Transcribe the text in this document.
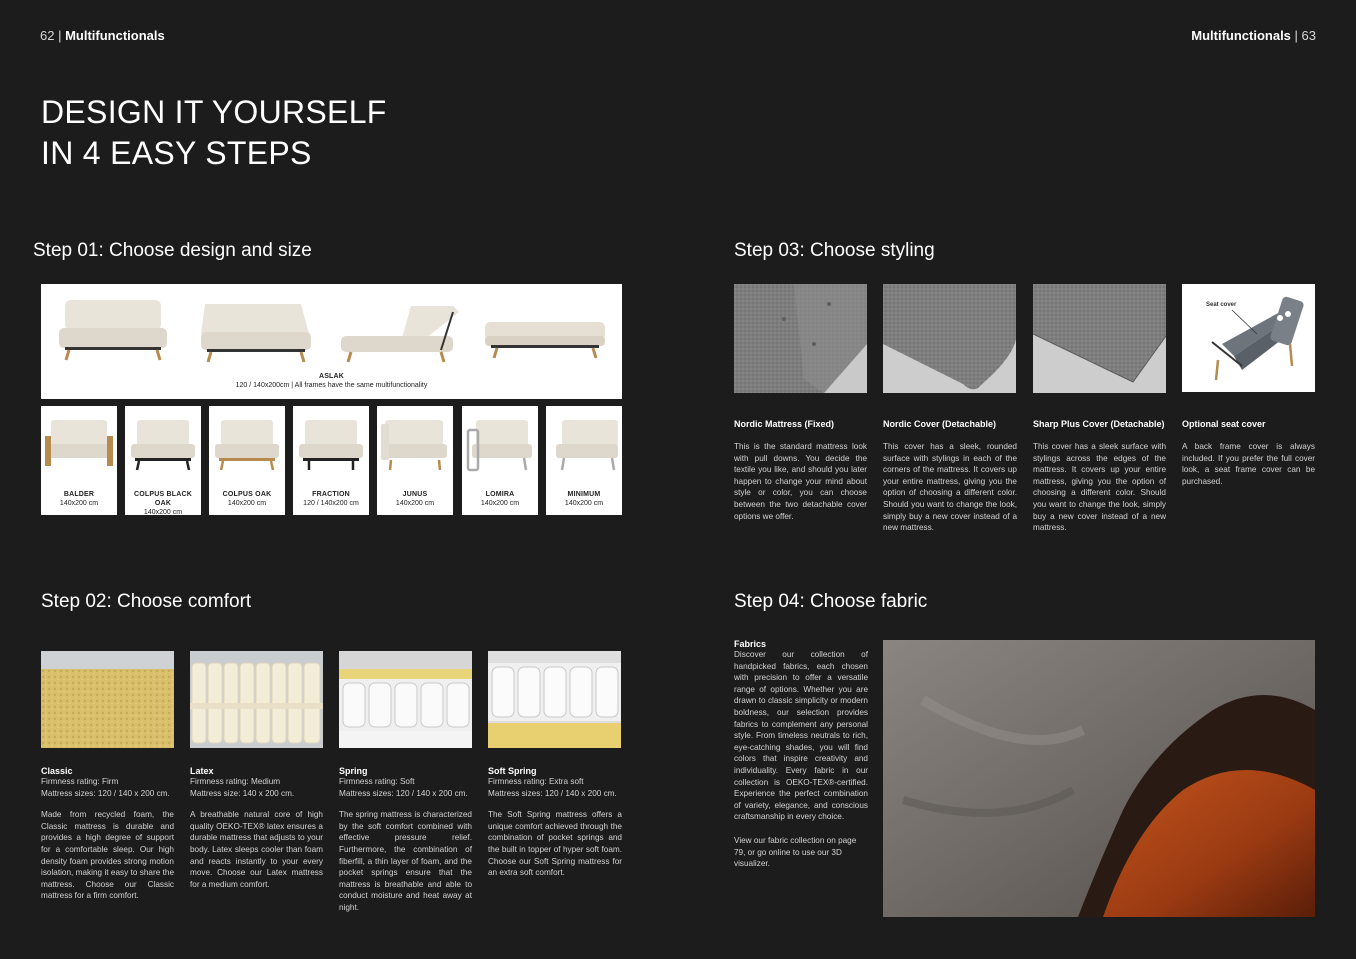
62 | Multifunctionals	Multifunctionals | 63
DESIGN IT YOURSELF
IN 4 EASY STEPS
Step 01: Choose design and size
ASLAK
120 / 140x200cm | All frames have the same multifunctionality
BALDER
140x200 cm
COLPUS BLACK OAK
140x200 cm
COLPUS OAK
140x200 cm
FRACTION
120 / 140x200 cm
JUNUS
140x200 cm
LOMIRA
140x200 cm
MINIMUM
140x200 cm
Step 02: Choose comfort
Classic
Firmness rating: Firm
Mattress sizes: 120 / 140 x 200 cm.
Made from recycled foam, the Classic mattress is durable and provides a high degree of support for a comfortable sleep. Our high density foam provides strong motion isolation, making it easy to share the mattress. Choose our Classic mattress for a firm comfort.
Latex
Firmness rating: Medium
Mattress size: 140 x 200 cm.
A breathable natural core of high quality OEKO-TEX® latex ensures a durable mattress that adjusts to your body. Latex sleeps cooler than foam and reacts instantly to your every move. Choose our Latex mattress for a medium comfort.
Spring
Firmness rating: Soft
Mattress sizes: 120 / 140 x 200 cm.
The spring mattress is characterized by the soft comfort combined with effective pressure relief. Furthermore, the combination of fiberfill, a thin layer of foam, and the pocket springs ensure that the mattress is breathable and able to conduct moisture and heat away at night.
Soft Spring
Firmness rating: Extra soft
Mattress sizes: 120 / 140 x 200 cm.
The Soft Spring mattress offers a unique comfort achieved through the combination of pocket springs and the built in topper of hyper soft foam. Choose our Soft Spring mattress for an extra soft comfort.
Step 03: Choose styling
Seat cover
Nordic Mattress (Fixed)
This is the standard mattress look with pull downs. You decide the textile you like, and should you later happen to change your mind about style or color, you can choose between the two detachable cover options we offer.
Nordic Cover (Detachable)
This cover has a sleek, rounded surface with stylings in each of the corners of the mattress. It covers up your entire mattress, giving you the option of choosing a different color. Should you want to change the look, simply buy a new cover instead of a new mattress.
Sharp Plus Cover (Detachable)
This cover has a sleek surface with stylings across the edges of the mattress. It covers up your entire mattress, giving you the option of choosing a different color. Should you want to change the look, simply buy a new cover instead of a new mattress.
Optional seat cover
A back frame cover is always included. If you prefer the full cover look, a seat frame cover can be purchased.
Step 04: Choose fabric
Fabrics
Discover our collection of handpicked fabrics, each chosen with precision to offer a versatile range of options. Whether you are drawn to classic simplicity or modern boldness, our selection provides fabrics to complement any personal style. From timeless neutrals to rich, eye-catching shades, you will find colors that inspire creativity and individuality. Every fabric in our collection is OEKO-TEX®-certified. Experience the perfect combination of variety, elegance, and conscious craftsmanship in every choice.
View our fabric collection on page 79, or go online to use our 3D visualizer.
